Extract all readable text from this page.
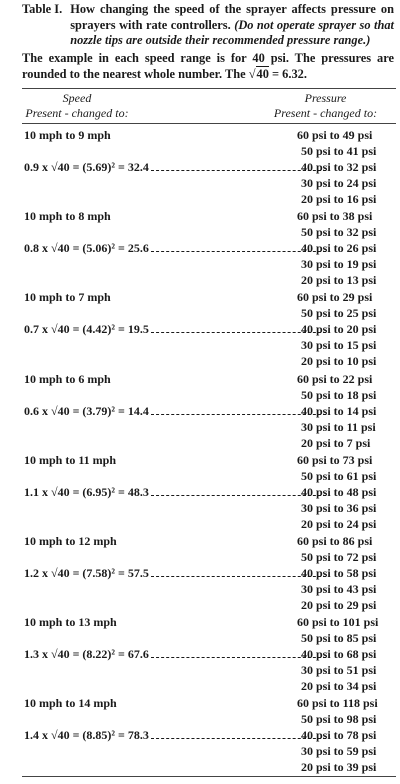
Table I. How changing the speed of the sprayer affects pressure on sprayers with rate controllers. (Do not operate sprayer so that nozzle tips are outside their recommended pressure range.)
The example in each speed range is for 40 psi. The pressures are rounded to the nearest whole number. The √40 = 6.32.
Speed
Present - changed to:
Pressure
Present - changed to:
10 mph to 9 mph
0.9 x √40 = (5.69)² = 32.4
60 psi to 49 psi
50 psi to 41 psi
40 psi to 32 psi
30 psi to 24 psi
20 psi to 16 psi
10 mph to 8 mph
0.8 x √40 = (5.06)² = 25.6
60 psi to 38 psi
50 psi to 32 psi
40 psi to 26 psi
30 psi to 19 psi
20 psi to 13 psi
10 mph to 7 mph
0.7 x √40 = (4.42)² = 19.5
60 psi to 29 psi
50 psi to 25 psi
40 psi to 20 psi
30 psi to 15 psi
20 psi to 10 psi
10 mph to 6 mph
0.6 x √40 = (3.79)² = 14.4
60 psi to 22 psi
50 psi to 18 psi
40 psi to 14 psi
30 psi to 11 psi
20 psi to 7 psi
10 mph to 11 mph
1.1 x √40 = (6.95)² = 48.3
60 psi to 73 psi
50 psi to 61 psi
40 psi to 48 psi
30 psi to 36 psi
20 psi to 24 psi
10 mph to 12 mph
1.2 x √40 = (7.58)² = 57.5
60 psi to 86 psi
50 psi to 72 psi
40 psi to 58 psi
30 psi to 43 psi
20 psi to 29 psi
10 mph to 13 mph
1.3 x √40 = (8.22)² = 67.6
60 psi to 101 psi
50 psi to 85 psi
40 psi to 68 psi
30 psi to 51 psi
20 psi to 34 psi
10 mph to 14 mph
1.4 x √40 = (8.85)² = 78.3
60 psi to 118 psi
50 psi to 98 psi
40 psi to 78 psi
30 psi to 59 psi
20 psi to 39 psi
